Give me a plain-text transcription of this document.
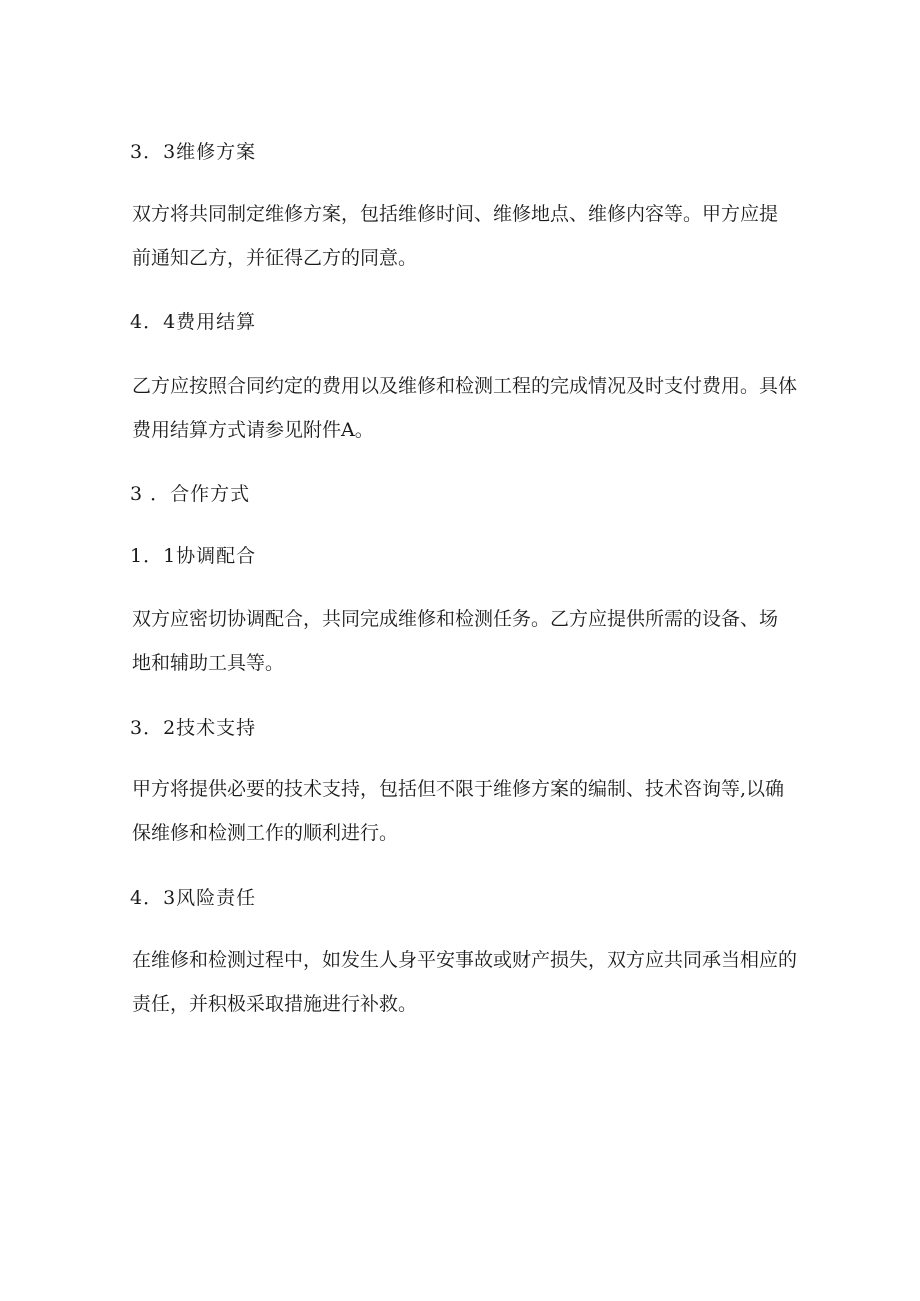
3．3维修方案

双方将共同制定维修方案，包括维修时间、维修地点、维修内容等。甲方应提
前通知乙方，并征得乙方的同意。

4．4费用结算

乙方应按照合同约定的费用以及维修和检测工程的完成情况及时支付费用。具体
费用结算方式请参见附件A。

3 ．合作方式

1．1协调配合

双方应密切协调配合，共同完成维修和检测任务。乙方应提供所需的设备、场
地和辅助工具等。

3．2技术支持

甲方将提供必要的技术支持，包括但不限于维修方案的编制、技术咨询等,以确
保维修和检测工作的顺利进行。

4．3风险责任

在维修和检测过程中，如发生人身平安事故或财产损失，双方应共同承当相应的
责任，并积极采取措施进行补救。
